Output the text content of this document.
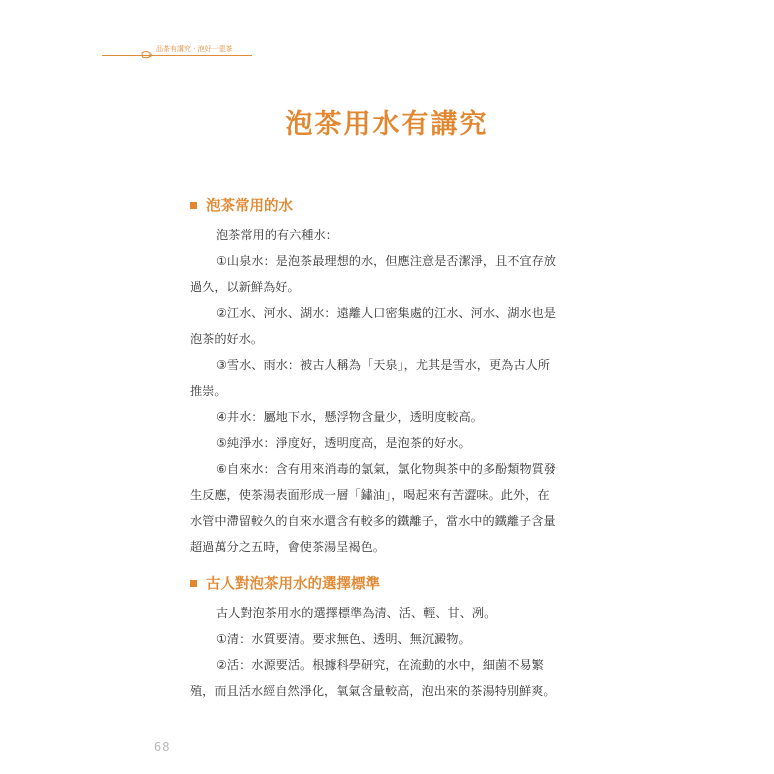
品茶有講究 · 泡好一壺茶
泡茶用水有講究
泡茶常用的水
泡茶常用的有六種水：
①山泉水：是泡茶最理想的水，但應注意是否潔淨，且不宜存放
過久，以新鮮為好。
②江水、河水、湖水：遠離人口密集處的江水、河水、湖水也是
泡茶的好水。
③雪水、雨水：被古人稱為「天泉」，尤其是雪水，更為古人所
推崇。
④井水：屬地下水，懸浮物含量少，透明度較高。
⑤純淨水：淨度好，透明度高，是泡茶的好水。
⑥自來水：含有用來消毒的氯氣，氯化物與茶中的多酚類物質發
生反應，使茶湯表面形成一層「鏽油」，喝起來有苦澀味。此外，在
水管中滯留較久的自來水還含有較多的鐵離子，當水中的鐵離子含量
超過萬分之五時，會使茶湯呈褐色。
古人對泡茶用水的選擇標準
古人對泡茶用水的選擇標準為清、活、輕、甘、冽。
①清：水質要清。要求無色、透明、無沉澱物。
②活：水源要活。根據科學研究，在流動的水中，細菌不易繁
殖，而且活水經自然淨化，氧氣含量較高，泡出來的茶湯特別鮮爽。
68
